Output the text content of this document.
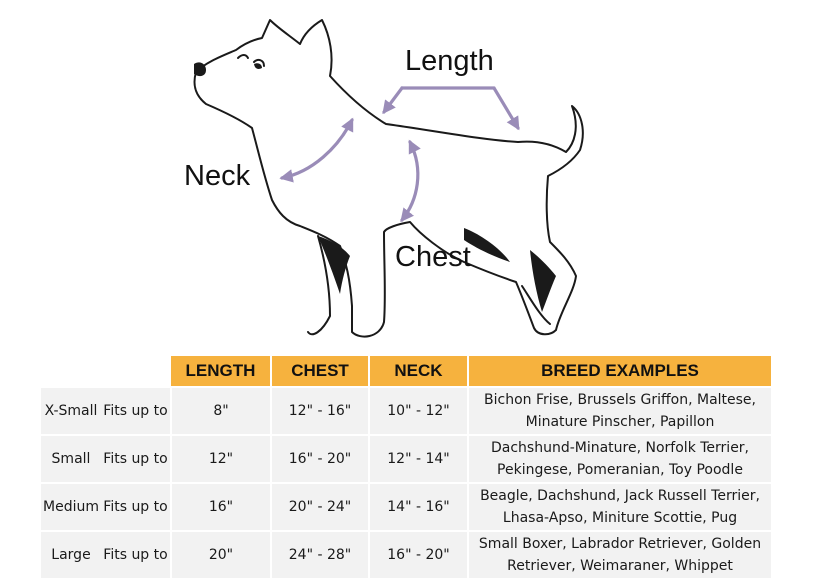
Length
Neck
Chest
		LENGTH	CHEST	NECK	BREED EXAMPLES
X-Small	Fits up to	8"	12" - 16"	10" - 12"	Bichon Frise, Brussels Griffon, Maltese,
Minature Pinscher, Papillon

Small	Fits up to	12"	16" - 20"	12" - 14"	Dachshund-Minature, Norfolk Terrier,
Pekingese, Pomeranian, Toy Poodle

Medium	Fits up to	16"	20" - 24"	14" - 16"	Beagle, Dachshund, Jack Russell Terrier,
Lhasa-Apso, Miniture Scottie, Pug

Large	Fits up to	20"	24" - 28"	16" - 20"	Small Boxer, Labrador Retriever, Golden
Retriever, Weimaraner, Whippet
